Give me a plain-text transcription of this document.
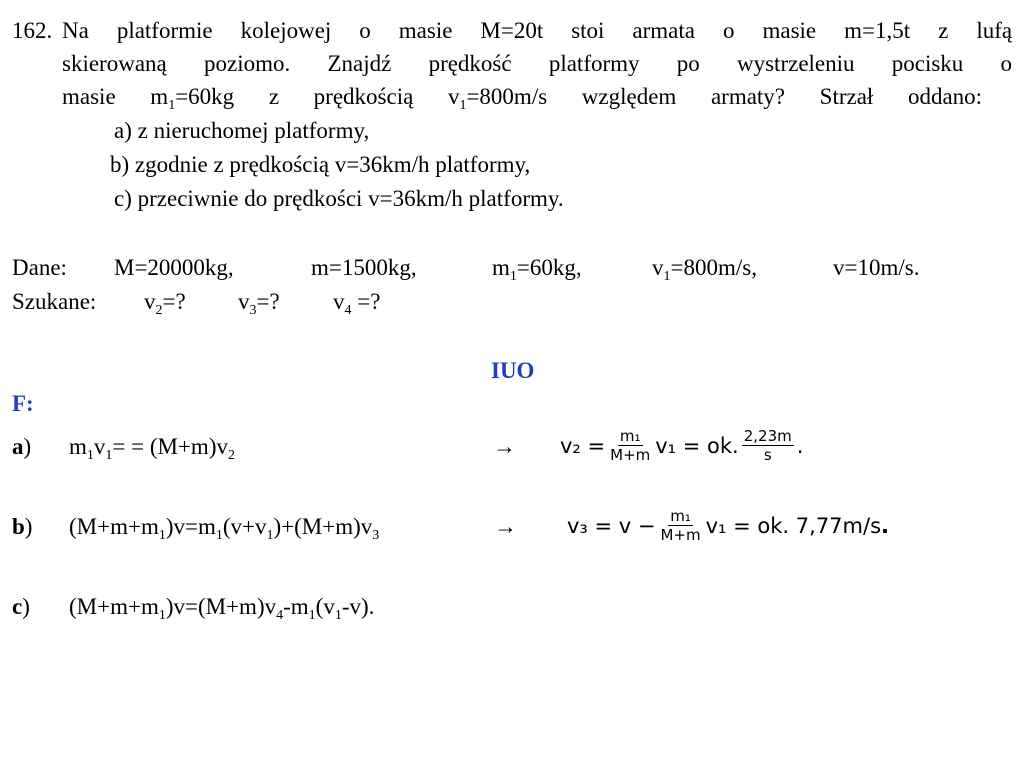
162. Na platformie kolejowej o masie M=20t stoi armata o masie m=1,5t z lufą
skierowaną poziomo. Znajdź prędkość platformy po wystrzeleniu pocisku o
masie $m_1=60kg$ z prędkością $v_1=800m/s$ względem armaty? Strzał oddano:
a) z nieruchomej platformy,
b) zgodnie z prędkością v=36km/h platformy,
c) przeciwnie do prędkości v=36km/h platformy.
Dane: M=20000kg,	m=1500kg,	$m_1=60kg$,	$v_1=800m/s$,	v=10m/s.
Szukane: $v_2=$? $v_3=$? $v_4$ =?
IUO
F:
a) $m_1v_1= = (M+m)v_2$	→ $v_2 = \frac{\text{m₁}}{M+m} v_1$ = ok. $\frac{2,23m}{s}$ .
b) $(M+m+m_1)v=m_1(v+v_1)+(M+m)v_3$	→ $v_3 = v - \frac{\text{m₁}}{M+m} v_1$ = ok. 7,77m/s .
c) $(M+m+m_1)v=(M+m)v_4-m_1(v_1-v)$.
